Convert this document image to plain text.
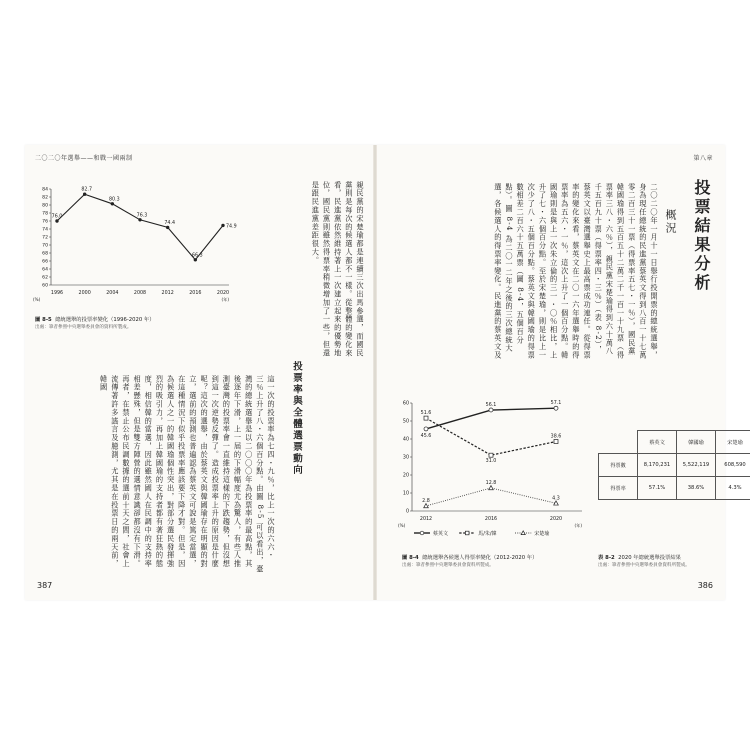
二〇二〇年選舉——和戰一國兩制
60
62
64
66
68
70
72
74
76
78
80
82
84
(%)	(年)
1996	2000	2004	2008	2012	2016	2020
76.0
82.7
80.3
76.3
74.4
66.3
74.9
圖 8-5 總統選舉的投票率變化（1996-2020 年）
出處：筆者參照中央選舉委員會的資料所製成。	親民黨的宋楚瑜都是連續三次出馬參選，而國民黨則是每次的候選人都不一樣。從整體的變化來看，民進黨依然維持著上一次建立起來的優勢地位，國民黨則雖然得票率稍微增加了一些，但還是跟民進黨差距很大。
投票率與全體選票動向
這一次的投票率為七四・九％，比上一次的六六・三％上升了八・六個百分點。由圖 8-5 可以看出，臺灣的總統選舉是以二〇〇〇年為投票率的最高點，其後逐年下滑，上一屆的下滑幅度尤為驚人，有些人推測臺灣的投票率會一直維持這樣的下跌趨勢，但沒想到這一次逆勢反彈了。造成投票率上升的原因是什麼呢？這次的選舉，由於蔡英文與韓國瑜存在明顯的對立，選前的預測也普遍認為蔡英文可說是篤定當選，在這種情況下似乎投票率應該要下降才對。但是，因為候選人之一的韓國瑜個性突出，對部分選民發揮強烈的吸引力，再加上韓國瑜的支持者都有著狂熱的態度，相信韓的當選，因此雖然國人在民調中的支持率相差懸殊，但是雙方陣營的選情意識卻都沒有下滑。再者，在禁止公布民調數據的選前十天之間，社會上流傳著許多謠言及臆測，尤其是在投票日的兩天前，韓國
387
第八章
投票結果分析
概況
二〇二〇年一月十一日舉行投開票的總統選舉，身為現任總統的民進黨蔡英文得到八百一十七萬零二百三十一票（得票率五七・一％），國民黨韓國瑜得到五百五十二萬二千一百一十九票（得票率三八・六％），親民黨宋楚瑜得到六十萬八千五百九十票（得票率四・三％）（表 8-2），蔡英文以臺灣選舉史上最高票成功連任。從得票率的變化來看，蔡英文在二〇一六年選舉時的得票率為五六・一％，這次上升了一個百分點。韓國瑜則是與上一次朱立倫的三一・〇％相比，上升了七・六個百分點。至於宋楚瑜，則是比上一次少了八・五個百分點。蔡英文與韓國瑜的得票數相差二百六十五萬票（圖 8-4，五個百分點）。圖 8-4 為二〇一二年之後的三次總統大選，各候選人的得票率變化。民進黨的蔡英文及
0
10
20
30
40
50
60
(%)	(年)
2012	2016	2020
45.6
56.1	57.1
51.6
31.0
38.6
2.8
12.8
4.3
蔡英文	馬/朱/韓	宋楚瑜
圖 8-4 總統選舉各候選人得票率變化（2012-2020 年）
出處：筆者參照中央選舉委員會資料所製成。
	蔡英文	韓國瑜	宋楚瑜
得票數	8,170,231	5,522,119	608,590
得票率	57.1%	38.6%	4.3%
表 8-2 2020 年總統選舉投票結果
出處：筆者參照中央選舉委員會資料所製成。
386
